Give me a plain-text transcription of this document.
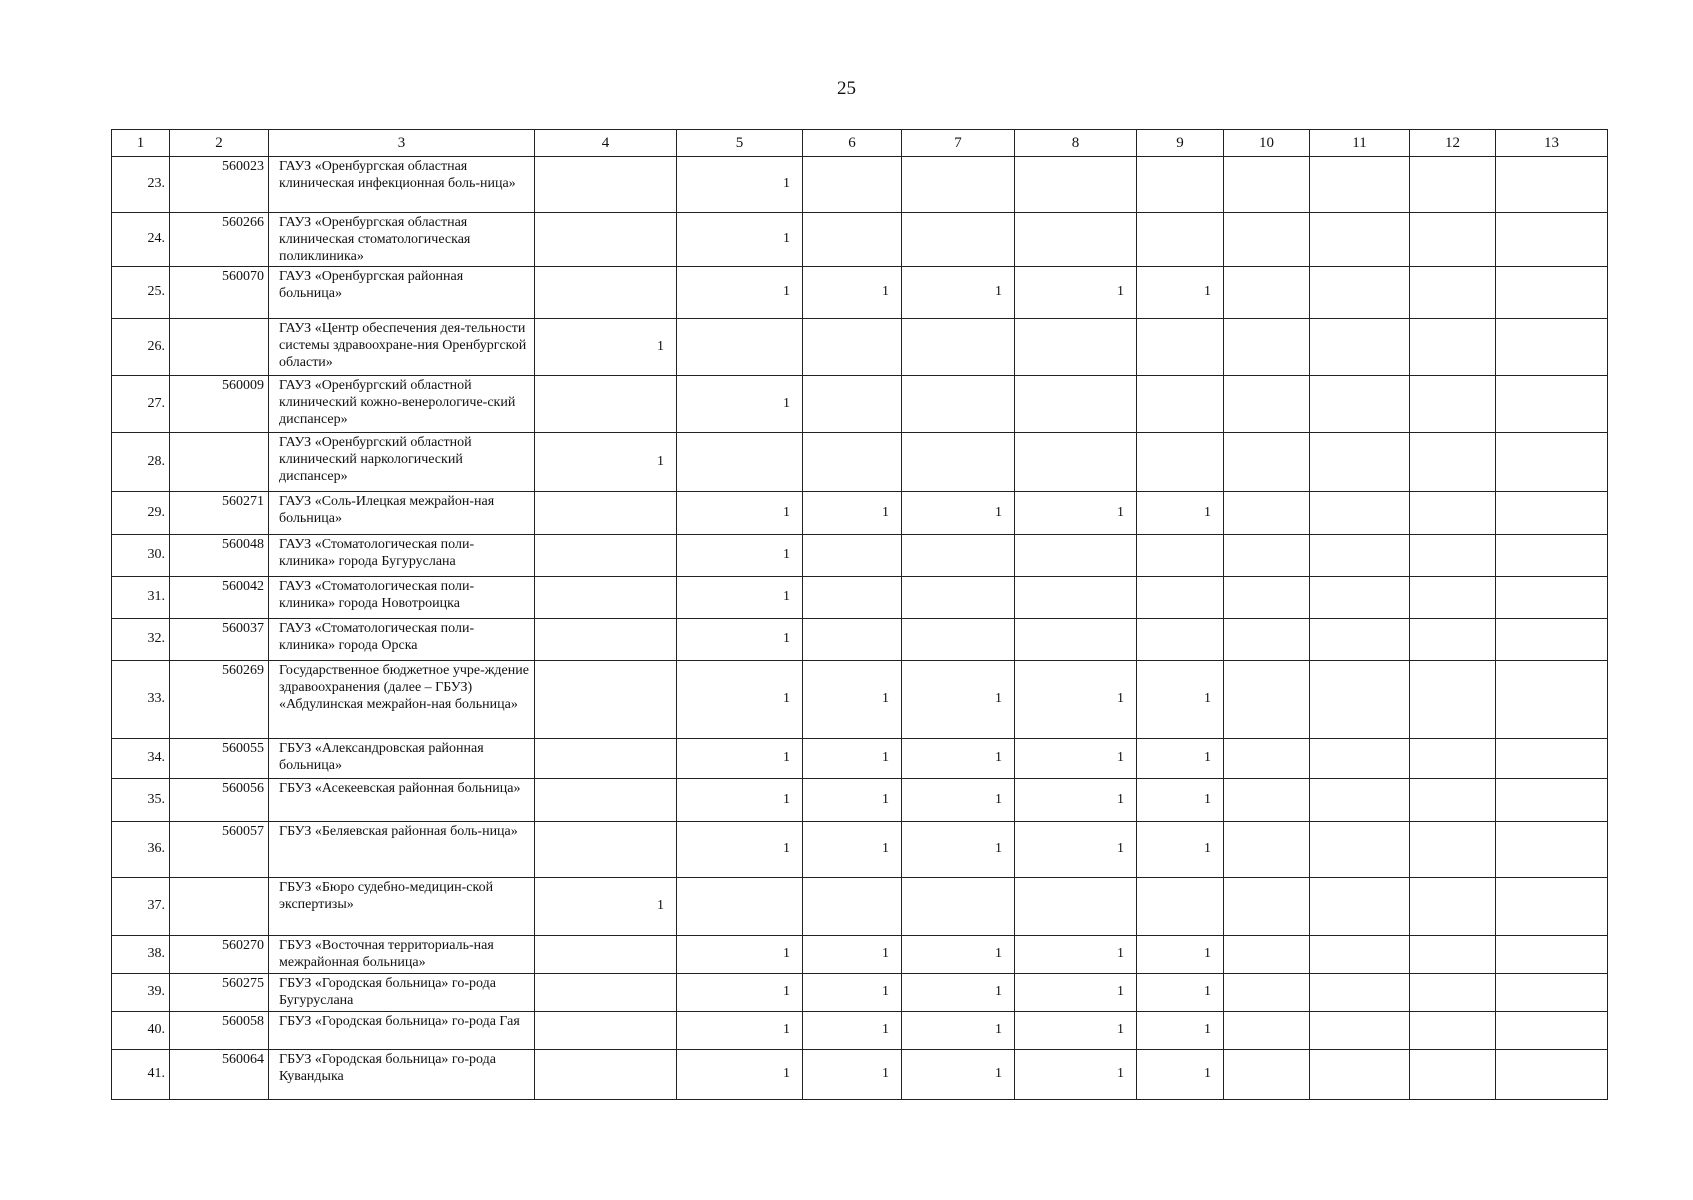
25
1	2	3	4	5	6	7	8	9	10	11	12	13	
23.	560023	ГАУЗ «Оренбургская областная клиническая инфекционная боль-ница»		1									
24.	560266	ГАУЗ «Оренбургская областная клиническая стоматологическая поликлиника»		1									
25.	560070	ГАУЗ «Оренбургская районная больница»		1	1	1	1	1					
26.		ГАУЗ «Центр обеспечения дея-тельности системы здравоохране-ния Оренбургской области»	1										
27.	560009	ГАУЗ «Оренбургский областной клинический кожно-венерологиче-ский диспансер»		1									
28.		ГАУЗ «Оренбургский областной клинический наркологический диспансер»	1										
29.	560271	ГАУЗ «Соль-Илецкая межрайон-ная больница»		1	1	1	1	1					
30.	560048	ГАУЗ «Стоматологическая поли-клиника» города Бугуруслана		1									
31.	560042	ГАУЗ «Стоматологическая поли-клиника» города Новотроицка		1									
32.	560037	ГАУЗ «Стоматологическая поли-клиника» города Орска		1									
33.	560269	Государственное бюджетное учре-ждение здравоохранения (далее – ГБУЗ) «Абдулинская межрайон-ная больница»		1	1	1	1	1					
34.	560055	ГБУЗ «Александровская районная больница»		1	1	1	1	1					
35.	560056	ГБУЗ «Асекеевская районная больница»		1	1	1	1	1					
36.	560057	ГБУЗ «Беляевская районная боль-ница»		1	1	1	1	1					
37.		ГБУЗ «Бюро судебно-медицин-ской экспертизы»	1										
38.	560270	ГБУЗ «Восточная территориаль-ная межрайонная больница»		1	1	1	1	1					
39.	560275	ГБУЗ «Городская больница» го-рода Бугуруслана		1	1	1	1	1					
40.	560058	ГБУЗ «Городская больница» го-рода Гая		1	1	1	1	1					
41.	560064	ГБУЗ «Городская больница» го-рода Кувандыка		1	1	1	1	1					
